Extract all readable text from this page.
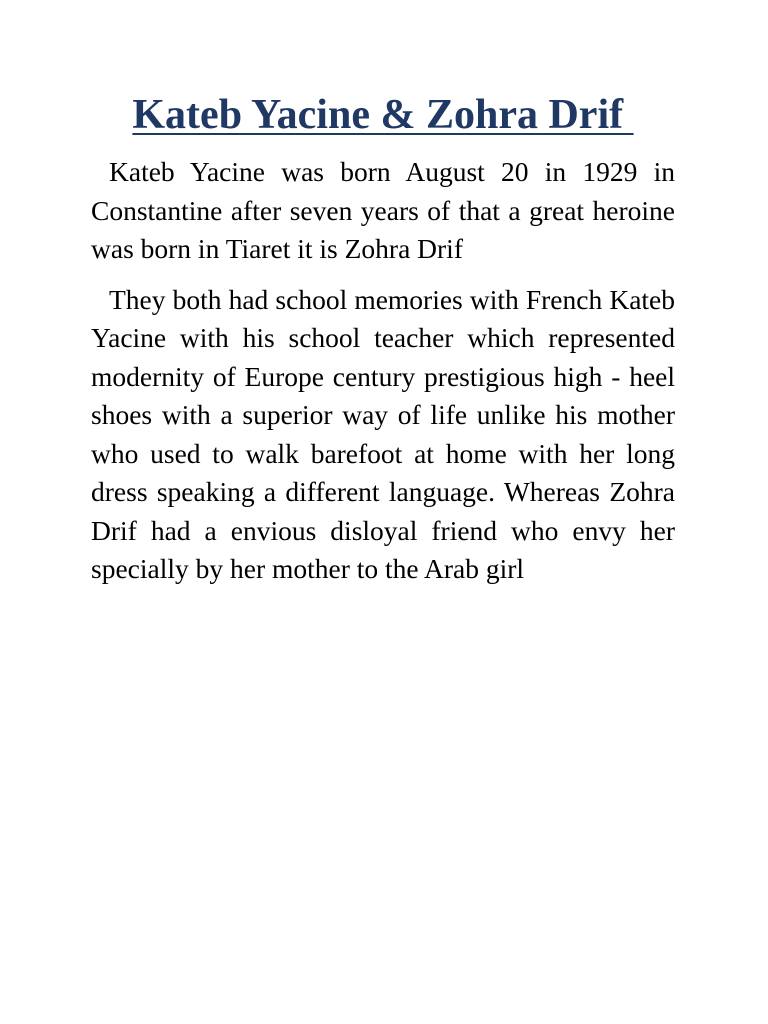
Kateb Yacine & Zohra Drif

Kateb Yacine was born August 20 in 1929 in Constantine after seven years of that a great heroine was born in Tiaret it is Zohra Drif

They both had school memories with French Kateb Yacine with his school teacher which represented modernity of Europe century prestigious high - heel shoes with a superior way of life unlike his mother who used to walk barefoot at home with her long dress speaking a different language. Whereas Zohra Drif had a envious disloyal friend who envy her specially by her mother to the Arab girl
